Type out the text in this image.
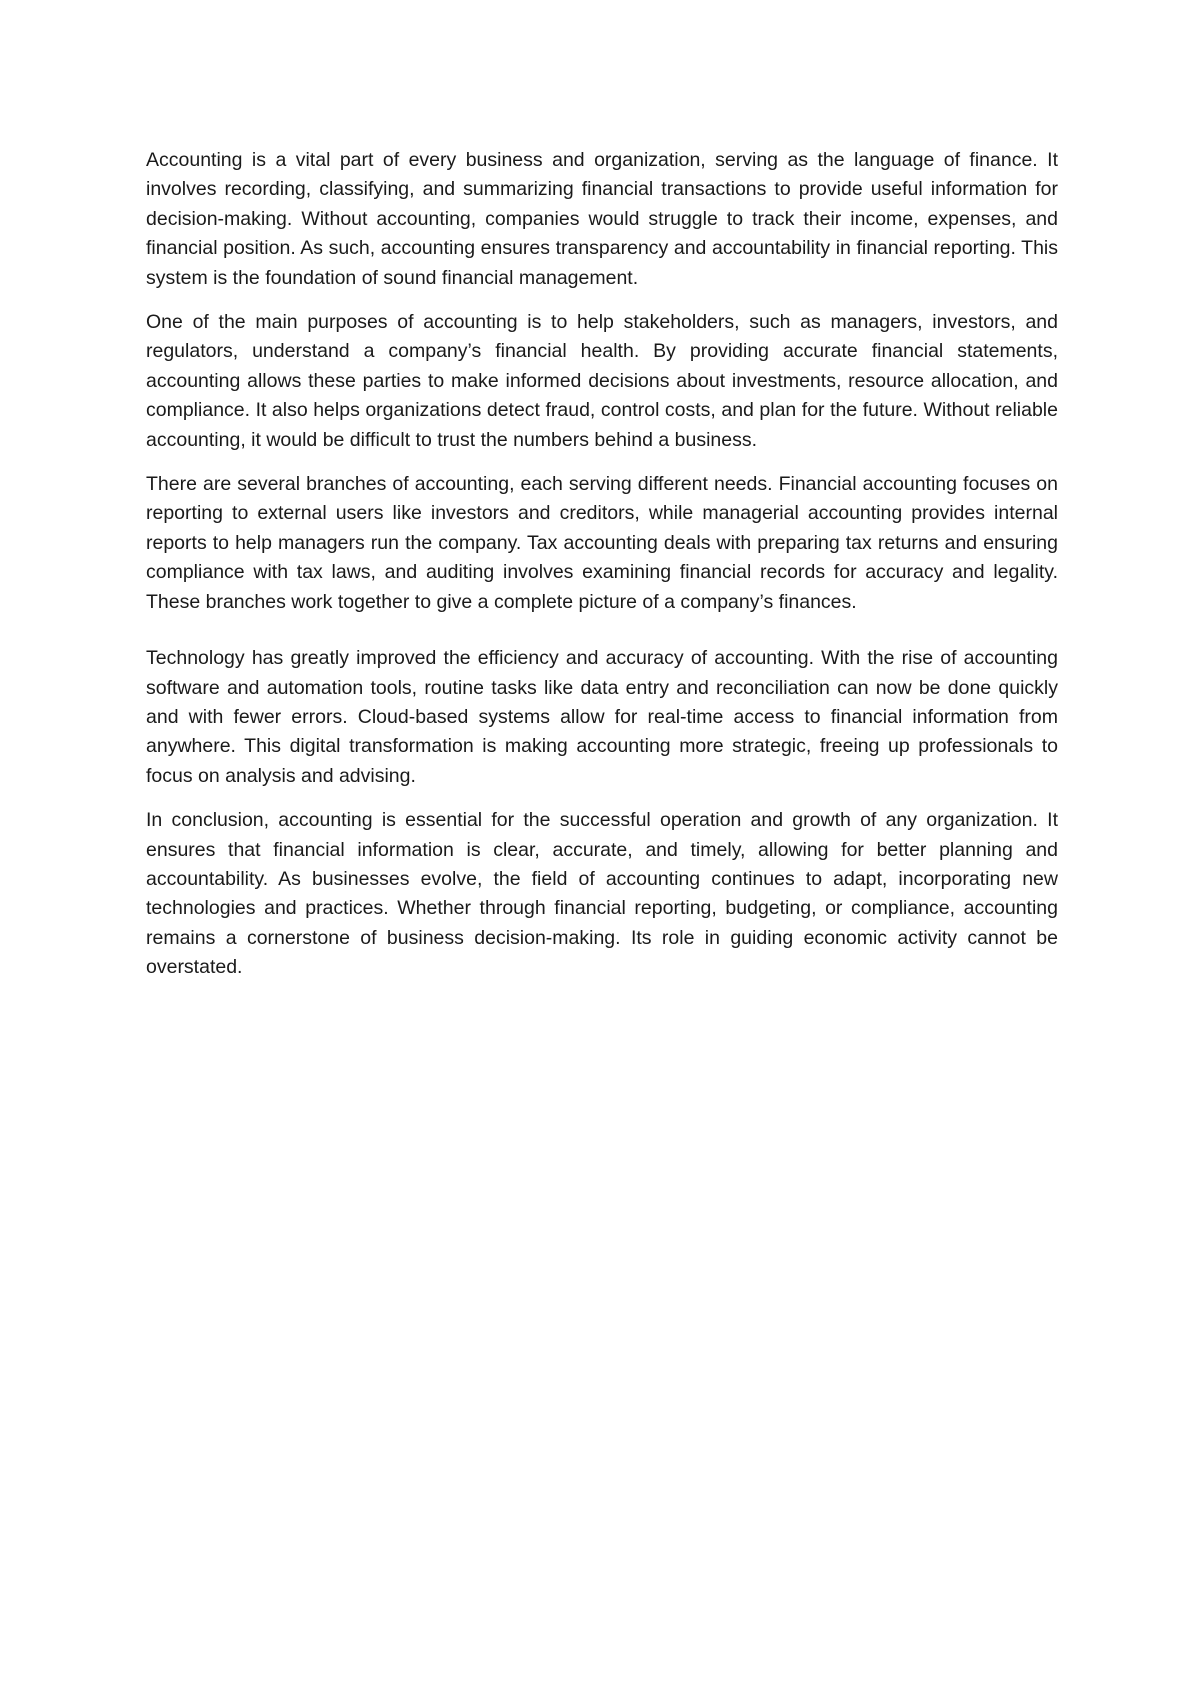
Accounting is a vital part of every business and organization, serving as the language of finance. It involves recording, classifying, and summarizing financial transactions to provide useful information for decision-making. Without accounting, companies would struggle to track their income, expenses, and financial position. As such, accounting ensures transparency and accountability in financial reporting. This system is the foundation of sound financial management.

One of the main purposes of accounting is to help stakeholders, such as managers, investors, and regulators, understand a company’s financial health. By providing accurate financial statements, accounting allows these parties to make informed decisions about investments, resource allocation, and compliance. It also helps organizations detect fraud, control costs, and plan for the future. Without reliable accounting, it would be difficult to trust the numbers behind a business.

There are several branches of accounting, each serving different needs. Financial accounting focuses on reporting to external users like investors and creditors, while managerial accounting provides internal reports to help managers run the company. Tax accounting deals with preparing tax returns and ensuring compliance with tax laws, and auditing involves examining financial records for accuracy and legality. These branches work together to give a complete picture of a company’s finances.

Technology has greatly improved the efficiency and accuracy of accounting. With the rise of accounting software and automation tools, routine tasks like data entry and reconciliation can now be done quickly and with fewer errors. Cloud-based systems allow for real-time access to financial information from anywhere. This digital transformation is making accounting more strategic, freeing up professionals to focus on analysis and advising.

In conclusion, accounting is essential for the successful operation and growth of any organization. It ensures that financial information is clear, accurate, and timely, allowing for better planning and accountability. As businesses evolve, the field of accounting continues to adapt, incorporating new technologies and practices. Whether through financial reporting, budgeting, or compliance, accounting remains a cornerstone of business decision-making. Its role in guiding economic activity cannot be overstated.
